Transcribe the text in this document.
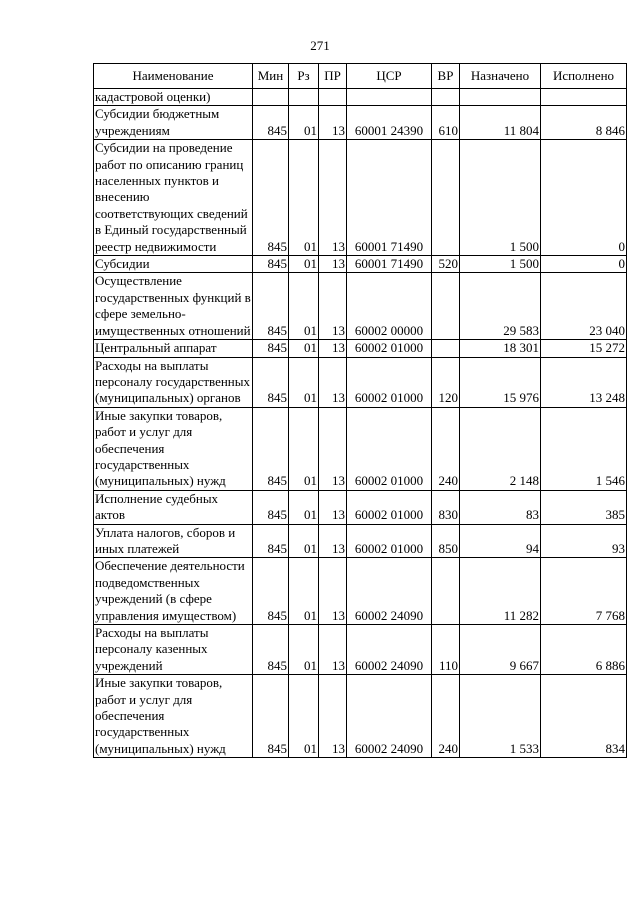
271
Наименование	Мин	Рз	ПР	ЦСР	ВР	Назначено	Исполнено
кадастровой оценки)							
Субсидии бюджетным учреждениям	845	01	13	60001 24390	610	11 804	8 846
Субсидии на проведение работ по описанию границ населенных пунктов и внесению соответствующих сведений в Единый государственный реестр недвижимости	845	01	13	60001 71490		1 500	0
Субсидии	845	01	13	60001 71490	520	1 500	0
Осуществление государственных функций в сфере земельно-имущественных отношений	845	01	13	60002 00000		29 583	23 040
Центральный аппарат	845	01	13	60002 01000		18 301	15 272
Расходы на выплаты персоналу государственных (муниципальных) органов	845	01	13	60002 01000	120	15 976	13 248
Иные закупки товаров, работ и услуг для обеспечения государственных (муниципальных) нужд	845	01	13	60002 01000	240	2 148	1 546
Исполнение судебных актов	845	01	13	60002 01000	830	83	385
Уплата налогов, сборов и иных платежей	845	01	13	60002 01000	850	94	93
Обеспечение деятельности подведомственных учреждений (в сфере управления имуществом)	845	01	13	60002 24090		11 282	7 768
Расходы на выплаты персоналу казенных учреждений	845	01	13	60002 24090	110	9 667	6 886
Иные закупки товаров, работ и услуг для обеспечения государственных (муниципальных) нужд	845	01	13	60002 24090	240	1 533	834
